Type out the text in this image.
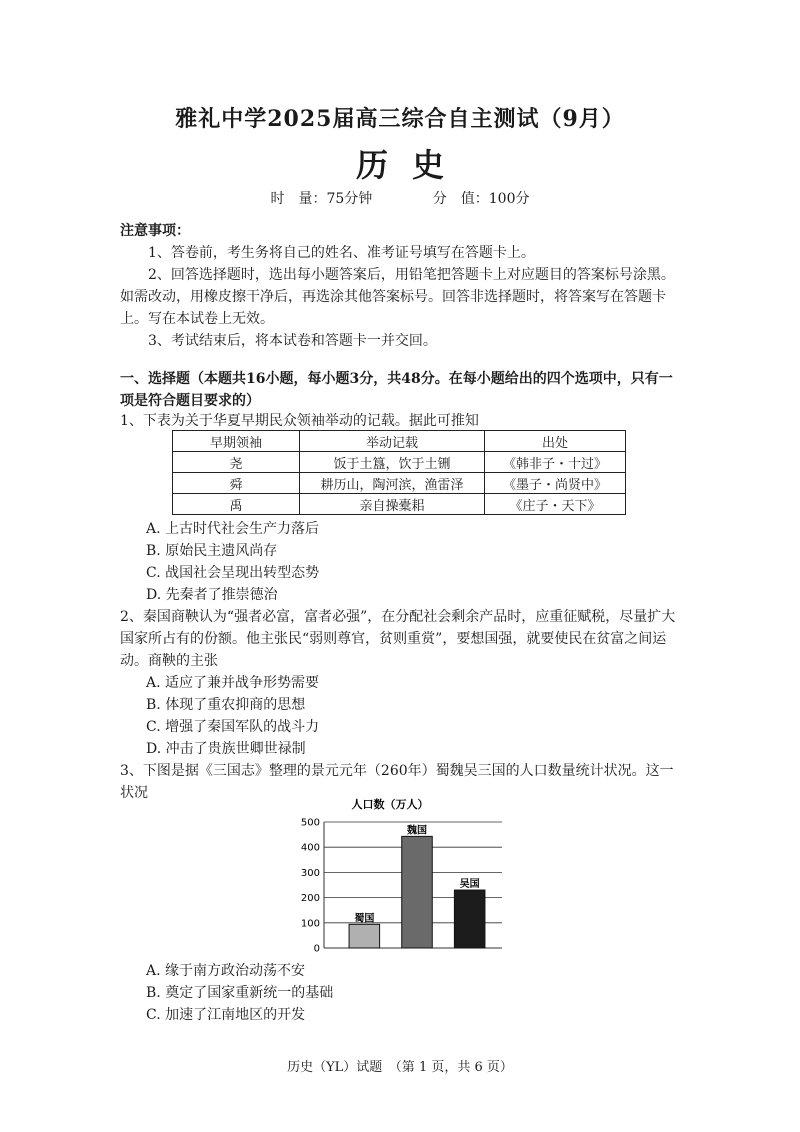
雅礼中学2025届高三综合自主测试（9月）
历史
时　量：75分钟	分　值：100分
注意事项：
1、答卷前，考生务将自己的姓名、准考证号填写在答题卡上。
2、回答选择题时，选出每小题答案后，用铅笔把答题卡上对应题目的答案标号涂黑。如需改动，用橡皮擦干净后，再选涂其他答案标号。回答非选择题时，将答案写在答题卡上。写在本试卷上无效。
3、考试结束后，将本试卷和答题卡一并交回。
一、选择题（本题共16小题，每小题3分，共48分。在每小题给出的四个选项中，只有一项是符合题目要求的）
1、下表为关于华夏早期民众领袖举动的记载。据此可推知
早期领袖	举动记载	出处
尧	饭于土簋，饮于土铏	《韩非子・十过》
舜	耕历山，陶河滨，渔雷泽	《墨子・尚贤中》
禹	亲自操橐耜	《庄子・天下》
A. 上古时代社会生产力落后
B. 原始民主遗风尚存
C. 战国社会呈现出转型态势
D. 先秦者了推崇德治
2、秦国商鞅认为“强者必富，富者必强”，在分配社会剩余产品时，应重征赋税，尽量扩大国家所占有的份额。他主张民“弱则尊官，贫则重赏”，要想国强，就要使民在贫富之间运动。商鞅的主张
A. 适应了兼并战争形势需要
B. 体现了重农抑商的思想
C. 增强了秦国军队的战斗力
D. 冲击了贵族世卿世禄制
3、下图是据《三国志》整理的景元元年（260年）蜀魏吴三国的人口数量统计状况。这一状况
人口数（万人）
0
100
200
300
400
500
蜀国
魏国
吴国
A. 缘于南方政治动荡不安
B. 奠定了国家重新统一的基础
C. 加速了江南地区的开发
历史（YL）试题　（第 1 页，共 6 页）
